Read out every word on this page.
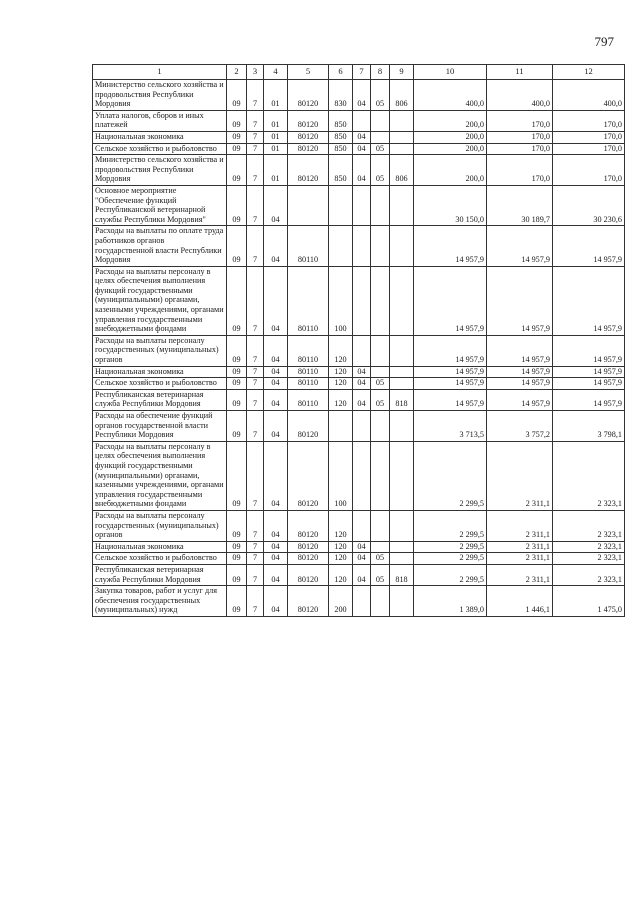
797
1	2	3	4	5	6	7	8	9	10	11	12
Министерство сельского хозяйства и продовольствия Республики Мордовия	09	7	01	80120	830	04	05	806	400,0	400,0	400,0
Уплата налогов, сборов и иных платежей	09	7	01	80120	850				200,0	170,0	170,0
Национальная экономика	09	7	01	80120	850	04			200,0	170,0	170,0
Сельское хозяйство и рыболовство	09	7	01	80120	850	04	05		200,0	170,0	170,0
Министерство сельского хозяйства и продовольствия Республики Мордовия	09	7	01	80120	850	04	05	806	200,0	170,0	170,0
Основное мероприятие "Обеспечение функций Республиканской ветеринарной службы Республики Мордовия"	09	7	04						30 150,0	30 189,7	30 230,6
Расходы на выплаты по оплате труда работников органов государственной власти Республики Мордовия	09	7	04	80110					14 957,9	14 957,9	14 957,9
Расходы на выплаты персоналу в целях обеспечения выполнения функций государственными (муниципальными) органами, казенными учреждениями, органами управления государственными внебюджетными фондами	09	7	04	80110	100				14 957,9	14 957,9	14 957,9
Расходы на выплаты персоналу государственных (муниципальных) органов	09	7	04	80110	120				14 957,9	14 957,9	14 957,9
Национальная экономика	09	7	04	80110	120	04			14 957,9	14 957,9	14 957,9
Сельское хозяйство и рыболовство	09	7	04	80110	120	04	05		14 957,9	14 957,9	14 957,9
Республиканская ветеринарная служба Республики Мордовия	09	7	04	80110	120	04	05	818	14 957,9	14 957,9	14 957,9
Расходы на обеспечение функций органов государственной власти Республики Мордовия	09	7	04	80120					3 713,5	3 757,2	3 798,1
Расходы на выплаты персоналу в целях обеспечения выполнения функций государственными (муниципальными) органами, казенными учреждениями, органами управления государственными внебюджетными фондами	09	7	04	80120	100				2 299,5	2 311,1	2 323,1
Расходы на выплаты персоналу государственных (муниципальных) органов	09	7	04	80120	120				2 299,5	2 311,1	2 323,1
Национальная экономика	09	7	04	80120	120	04			2 299,5	2 311,1	2 323,1
Сельское хозяйство и рыболовство	09	7	04	80120	120	04	05		2 299,5	2 311,1	2 323,1
Республиканская ветеринарная служба Республики Мордовия	09	7	04	80120	120	04	05	818	2 299,5	2 311,1	2 323,1
Закупка товаров, работ и услуг для обеспечения государственных (муниципальных) нужд	09	7	04	80120	200				1 389,0	1 446,1	1 475,0
